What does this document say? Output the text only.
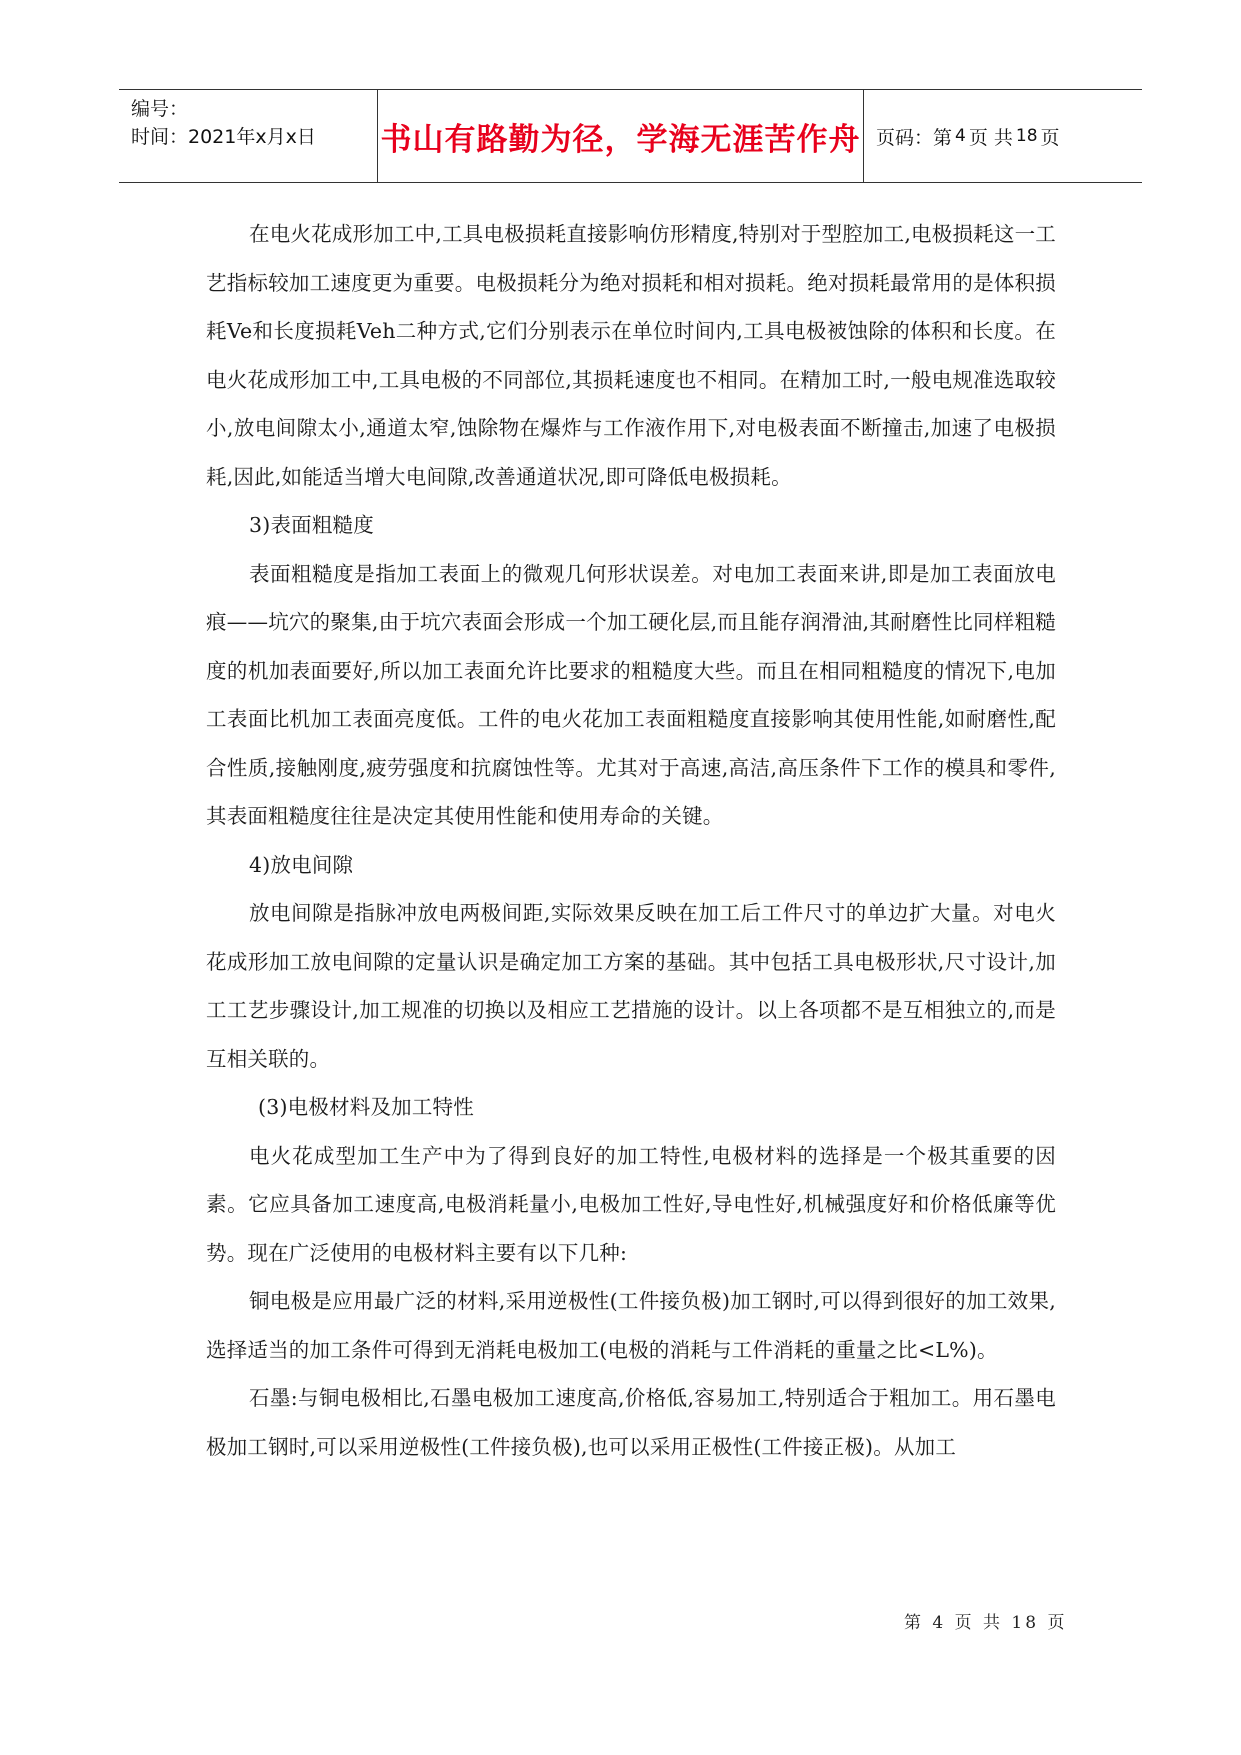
编号：
时间：2021年x月x日 书山有路勤为径，学海无涯苦作舟 页码：第 4 页 共 18 页

在电火花成形加工中,工具电极损耗直接影响仿形精度,特别对于型腔加工,电极损耗这一工艺指标较加工速度更为重要。电极损耗分为绝对损耗和相对损耗。绝对损耗最常用的是体积损耗Ve和长度损耗Veh二种方式,它们分别表示在单位时间内,工具电极被蚀除的体积和长度。在电火花成形加工中,工具电极的不同部位,其损耗速度也不相同。在精加工时,一般电规准选取较小,放电间隙太小,通道太窄,蚀除物在爆炸与工作液作用下,对电极表面不断撞击,加速了电极损耗,因此,如能适当增大电间隙,改善通道状况,即可降低电极损耗。

3)表面粗糙度

表面粗糙度是指加工表面上的微观几何形状误差。对电加工表面来讲,即是加工表面放电痕——坑穴的聚集,由于坑穴表面会形成一个加工硬化层,而且能存润滑油,其耐磨性比同样粗糙度的机加表面要好,所以加工表面允许比要求的粗糙度大些。而且在相同粗糙度的情况下,电加工表面比机加工表面亮度低。工件的电火花加工表面粗糙度直接影响其使用性能,如耐磨性,配合性质,接触刚度,疲劳强度和抗腐蚀性等。尤其对于高速,高洁,高压条件下工作的模具和零件,其表面粗糙度往往是决定其使用性能和使用寿命的关键。

4)放电间隙

放电间隙是指脉冲放电两极间距,实际效果反映在加工后工件尺寸的单边扩大量。对电火花成形加工放电间隙的定量认识是确定加工方案的基础。其中包括工具电极形状,尺寸设计,加工工艺步骤设计,加工规准的切换以及相应工艺措施的设计。以上各项都不是互相独立的,而是互相关联的。

(3)电极材料及加工特性

电火花成型加工生产中为了得到良好的加工特性,电极材料的选择是一个极其重要的因素。它应具备加工速度高,电极消耗量小,电极加工性好,导电性好,机械强度好和价格低廉等优势。现在广泛使用的电极材料主要有以下几种:

铜电极是应用最广泛的材料,采用逆极性(工件接负极)加工钢时,可以得到很好的加工效果,选择适当的加工条件可得到无消耗电极加工(电极的消耗与工件消耗的重量之比<L%)。

石墨:与铜电极相比,石墨电极加工速度高,价格低,容易加工,特别适合于粗加工。用石墨电极加工钢时,可以采用逆极性(工件接负极),也可以采用正极性(工件接正极)。从加工

第 4 页 共 18 页
